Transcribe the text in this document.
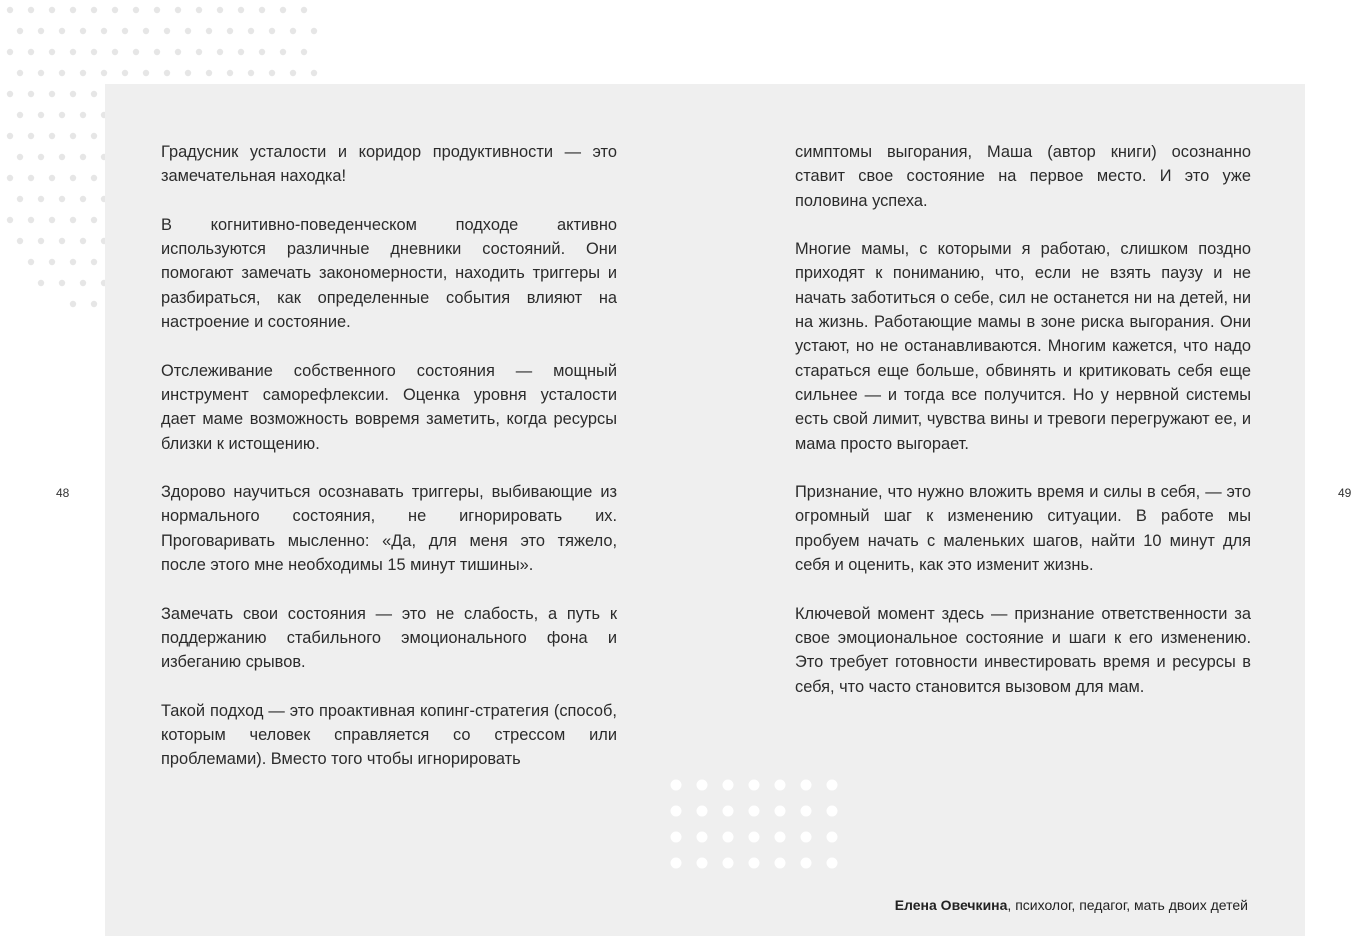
Градусник усталости и коридор продуктивности — это замечательная находка!

В когнитивно-поведенческом подходе активно используются различные дневники состояний. Они помогают замечать закономерности, находить триггеры и разбираться, как определенные события влияют на настроение и состояние.

Отслеживание собственного состояния — мощный инструмент саморефлексии. Оценка уровня усталости дает маме возможность вовремя заметить, когда ресурсы близки к истощению.

Здорово научиться осознавать триггеры, выбивающие из нормального состояния, не игнорировать их. Проговаривать мысленно: «Да, для меня это тяжело, после этого мне необходимы 15 минут тишины».

Замечать свои состояния — это не слабость, а путь к поддержанию стабильного эмоционального фона и избеганию срывов.

Такой подход — это проактивная копинг-стратегия (способ, которым человек справляется со стрессом или проблемами). Вместо того чтобы игнорировать

симптомы выгорания, Маша (автор книги) осознанно ставит свое состояние на первое место. И это уже половина успеха.

Многие мамы, с которыми я работаю, слишком поздно приходят к пониманию, что, если не взять паузу и не начать заботиться о себе, сил не останется ни на детей, ни на жизнь. Работающие мамы в зоне риска выгорания. Они устают, но не останавливаются. Многим кажется, что надо стараться еще больше, обвинять и критиковать себя еще сильнее — и тогда все получится. Но у нервной системы есть свой лимит, чувства вины и тревоги перегружают ее, и мама просто выгорает.

Признание, что нужно вложить время и силы в себя, — это огромный шаг к изменению ситуации. В работе мы пробуем начать с маленьких шагов, найти 10 минут для себя и оценить, как это изменит жизнь.

Ключевой момент здесь — признание ответственности за свое эмоциональное состояние и шаги к его изменению. Это требует готовности инвестировать время и ресурсы в себя, что часто становится вызовом для мам.

48	49
Елена Овечкина, психолог, педагог, мать двоих детей
